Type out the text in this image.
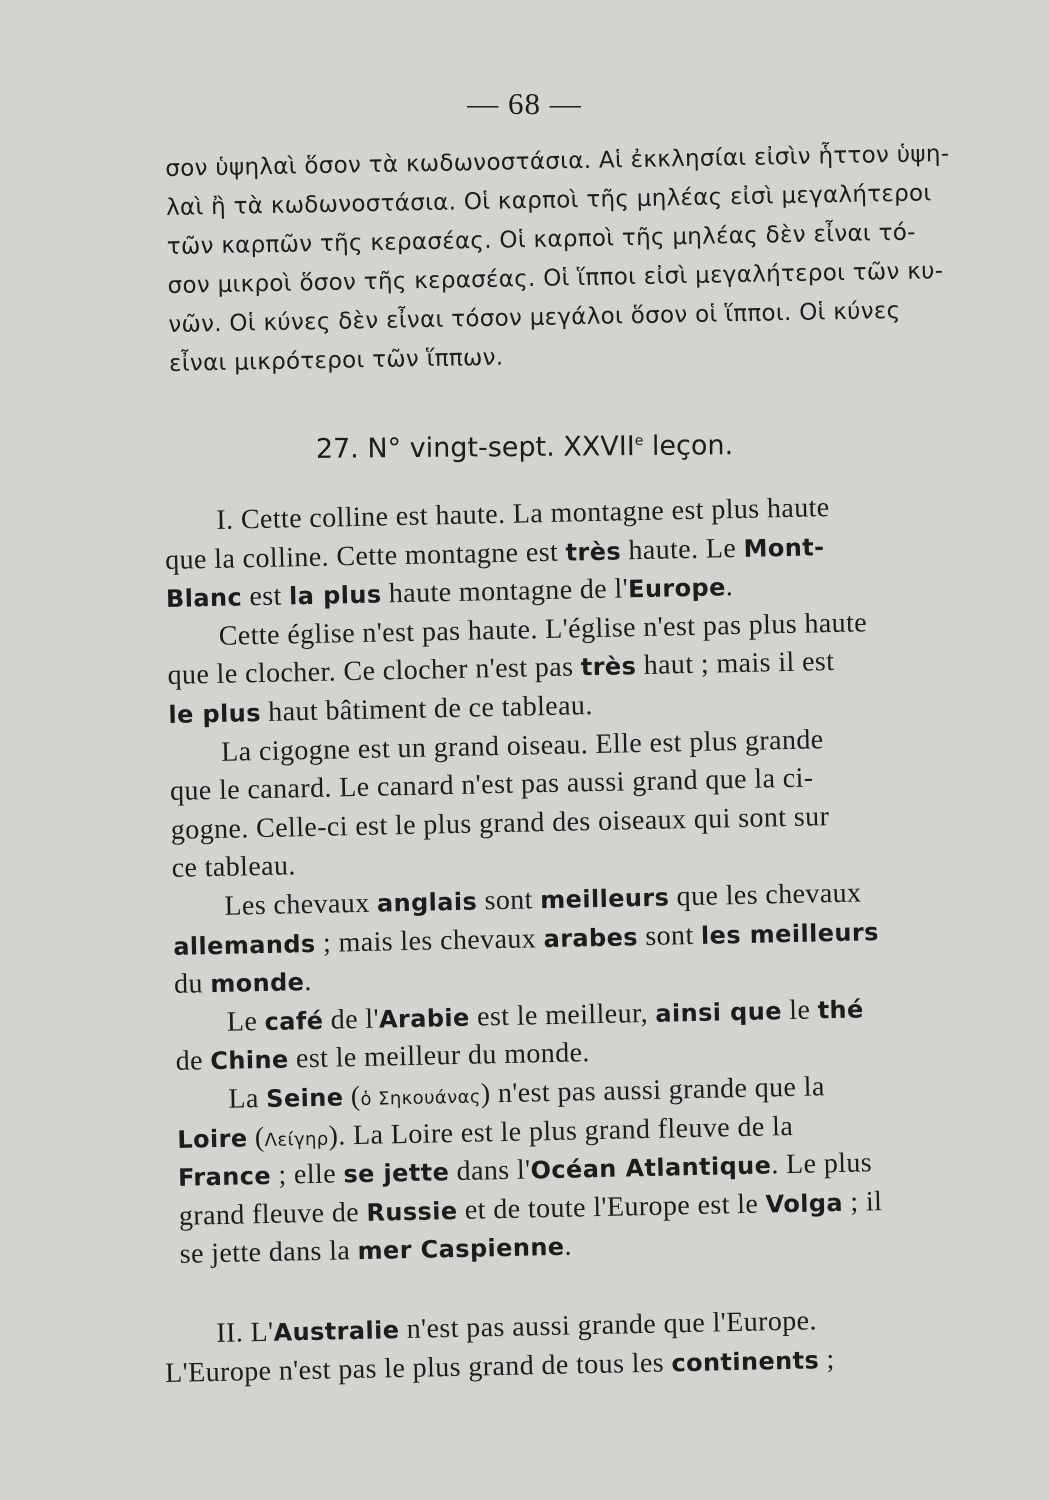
— 68 —
σον ὑψηλαὶ ὅσον τὰ κωδωνοστάσια. Αἱ ἐκκλησίαι εἰσὶν ἧττον ὑψη-
λαὶ ἢ τὰ κωδωνοστάσια. Οἱ καρποὶ τῆς μηλέας εἰσὶ μεγαλήτεροι
τῶν καρπῶν τῆς κερασέας. Οἱ καρποὶ τῆς μηλέας δὲν εἶναι τό-
σον μικροὶ ὅσον τῆς κερασέας. Οἱ ἵπποι εἰσὶ μεγαλήτεροι τῶν κυ-
νῶν. Οἱ κύνες δὲν εἶναι τόσον μεγάλοι ὅσον οἱ ἵπποι. Οἱ κύνες
εἶναι μικρότεροι τῶν ἵππων.
27. N° vingt-sept. XXVIIe leçon.
I. Cette colline est haute. La montagne est plus haute
que la colline. Cette montagne est très haute. Le Mont-
Blanc est la plus haute montagne de l'Europe.
Cette église n'est pas haute. L'église n'est pas plus haute
que le clocher. Ce clocher n'est pas très haut ; mais il est
le plus haut bâtiment de ce tableau.
La cigogne est un grand oiseau. Elle est plus grande
que le canard. Le canard n'est pas aussi grand que la ci-
gogne. Celle-ci est le plus grand des oiseaux qui sont sur
ce tableau.
Les chevaux anglais sont meilleurs que les chevaux
allemands ; mais les chevaux arabes sont les meilleurs
du monde.
Le café de l'Arabie est le meilleur, ainsi que le thé
de Chine est le meilleur du monde.
La Seine (ὁ Σηκουάνας) n'est pas aussi grande que la
Loire (Λείγηρ). La Loire est le plus grand fleuve de la
France ; elle se jette dans l'Océan Atlantique. Le plus
grand fleuve de Russie et de toute l'Europe est le Volga ; il
se jette dans la mer Caspienne.
II. L'Australie n'est pas aussi grande que l'Europe.
L'Europe n'est pas le plus grand de tous les continents ;
